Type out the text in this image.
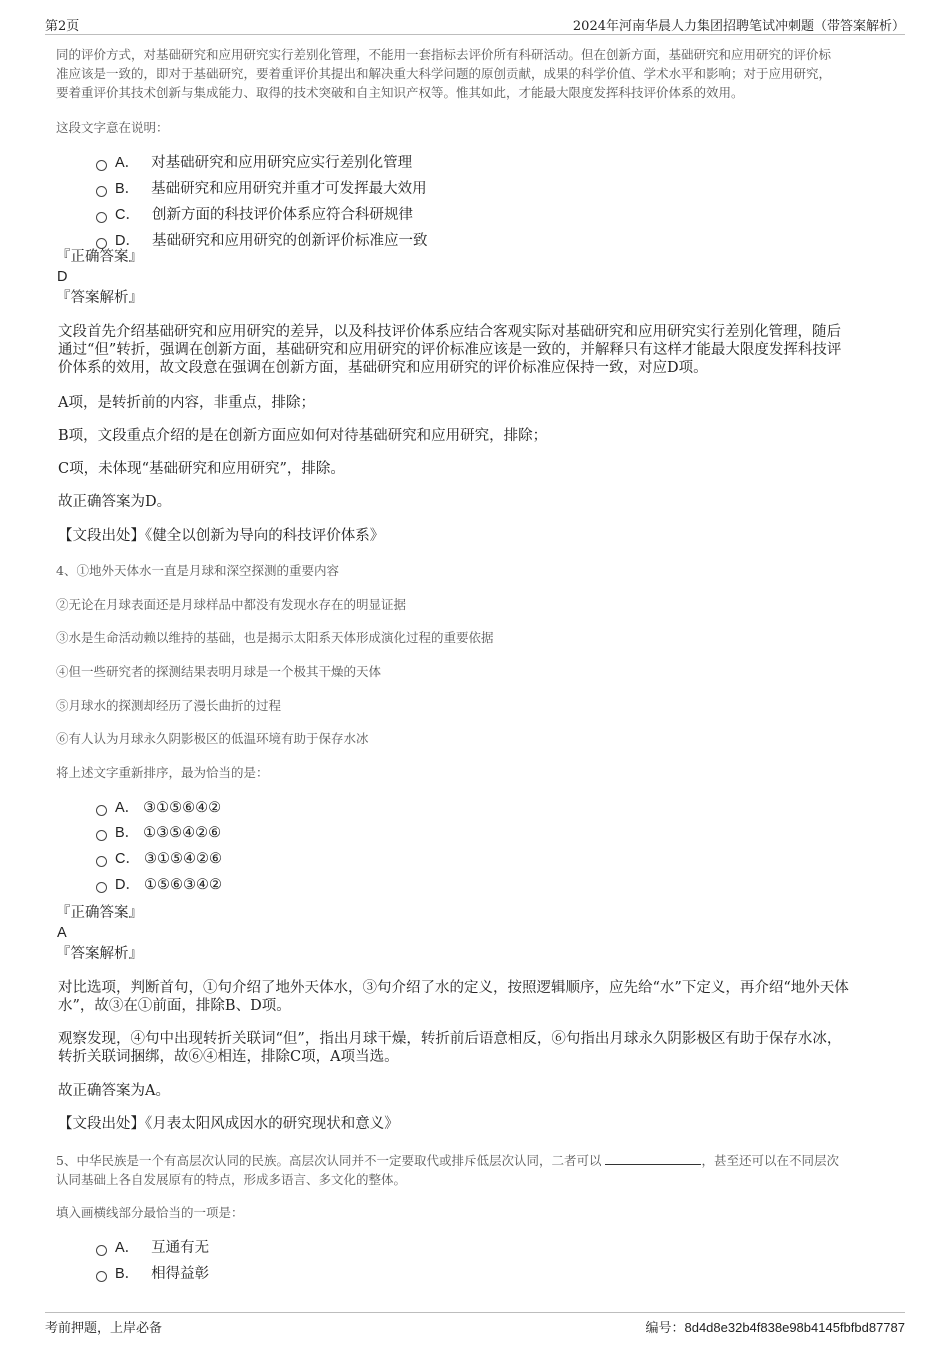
第2页	2024年河南华晨人力集团招聘笔试冲刺题（带答案解析）
同的评价方式，对基础研究和应用研究实行差别化管理，不能用一套指标去评价所有科研活动。但在创新方面，基础研究和应用研究的评价标
准应该是一致的，即对于基础研究，要着重评价其提出和解决重大科学问题的原创贡献，成果的科学价值、学术水平和影响；对于应用研究，
要着重评价其技术创新与集成能力、取得的技术突破和自主知识产权等。惟其如此，才能最大限度发挥科技评价体系的效用。
这段文字意在说明：
A． 对基础研究和应用研究应实行差别化管理
B． 基础研究和应用研究并重才可发挥最大效用
C． 创新方面的科技评价体系应符合科研规律
D． 基础研究和应用研究的创新评价标准应一致
『正确答案』
D
『答案解析』
文段首先介绍基础研究和应用研究的差异，以及科技评价体系应结合客观实际对基础研究和应用研究实行差别化管理，随后
通过“但”转折，强调在创新方面，基础研究和应用研究的评价标准应该是一致的，并解释只有这样才能最大限度发挥科技评
价体系的效用，故文段意在强调在创新方面，基础研究和应用研究的评价标准应保持一致，对应D项。
A项，是转折前的内容，非重点，排除；
B项，文段重点介绍的是在创新方面应如何对待基础研究和应用研究，排除；
C项，未体现“基础研究和应用研究”，排除。
故正确答案为D。
【文段出处】《健全以创新为导向的科技评价体系》
4、①地外天体水一直是月球和深空探测的重要内容
②无论在月球表面还是月球样品中都没有发现水存在的明显证据
③水是生命活动赖以维持的基础，也是揭示太阳系天体形成演化过程的重要依据
④但一些研究者的探测结果表明月球是一个极其干燥的天体
⑤月球水的探测却经历了漫长曲折的过程
⑥有人认为月球永久阴影极区的低温环境有助于保存水冰
将上述文字重新排序，最为恰当的是：
A． ③①⑤⑥④②
B． ①③⑤④②⑥
C． ③①⑤④②⑥
D． ①⑤⑥③④②
『正确答案』
A
『答案解析』
对比选项，判断首句，①句介绍了地外天体水，③句介绍了水的定义，按照逻辑顺序，应先给“水”下定义，再介绍“地外天体
水”，故③在①前面，排除B、D项。
观察发现，④句中出现转折关联词“但”，指出月球干燥，转折前后语意相反，⑥句指出月球永久阴影极区有助于保存水冰，
转折关联词捆绑，故⑥④相连，排除C项，A项当选。
故正确答案为A。
【文段出处】《月表太阳风成因水的研究现状和意义》
5、中华民族是一个有高层次认同的民族。高层次认同并不一定要取代或排斥低层次认同，二者可以	，甚至还可以在不同层次
认同基础上各自发展原有的特点，形成多语言、多文化的整体。
填入画横线部分最恰当的一项是：
A． 互通有无
B． 相得益彰
考前押题，上岸必备	编号：8d4d8e32b4f838e98b4145fbfbd87787
